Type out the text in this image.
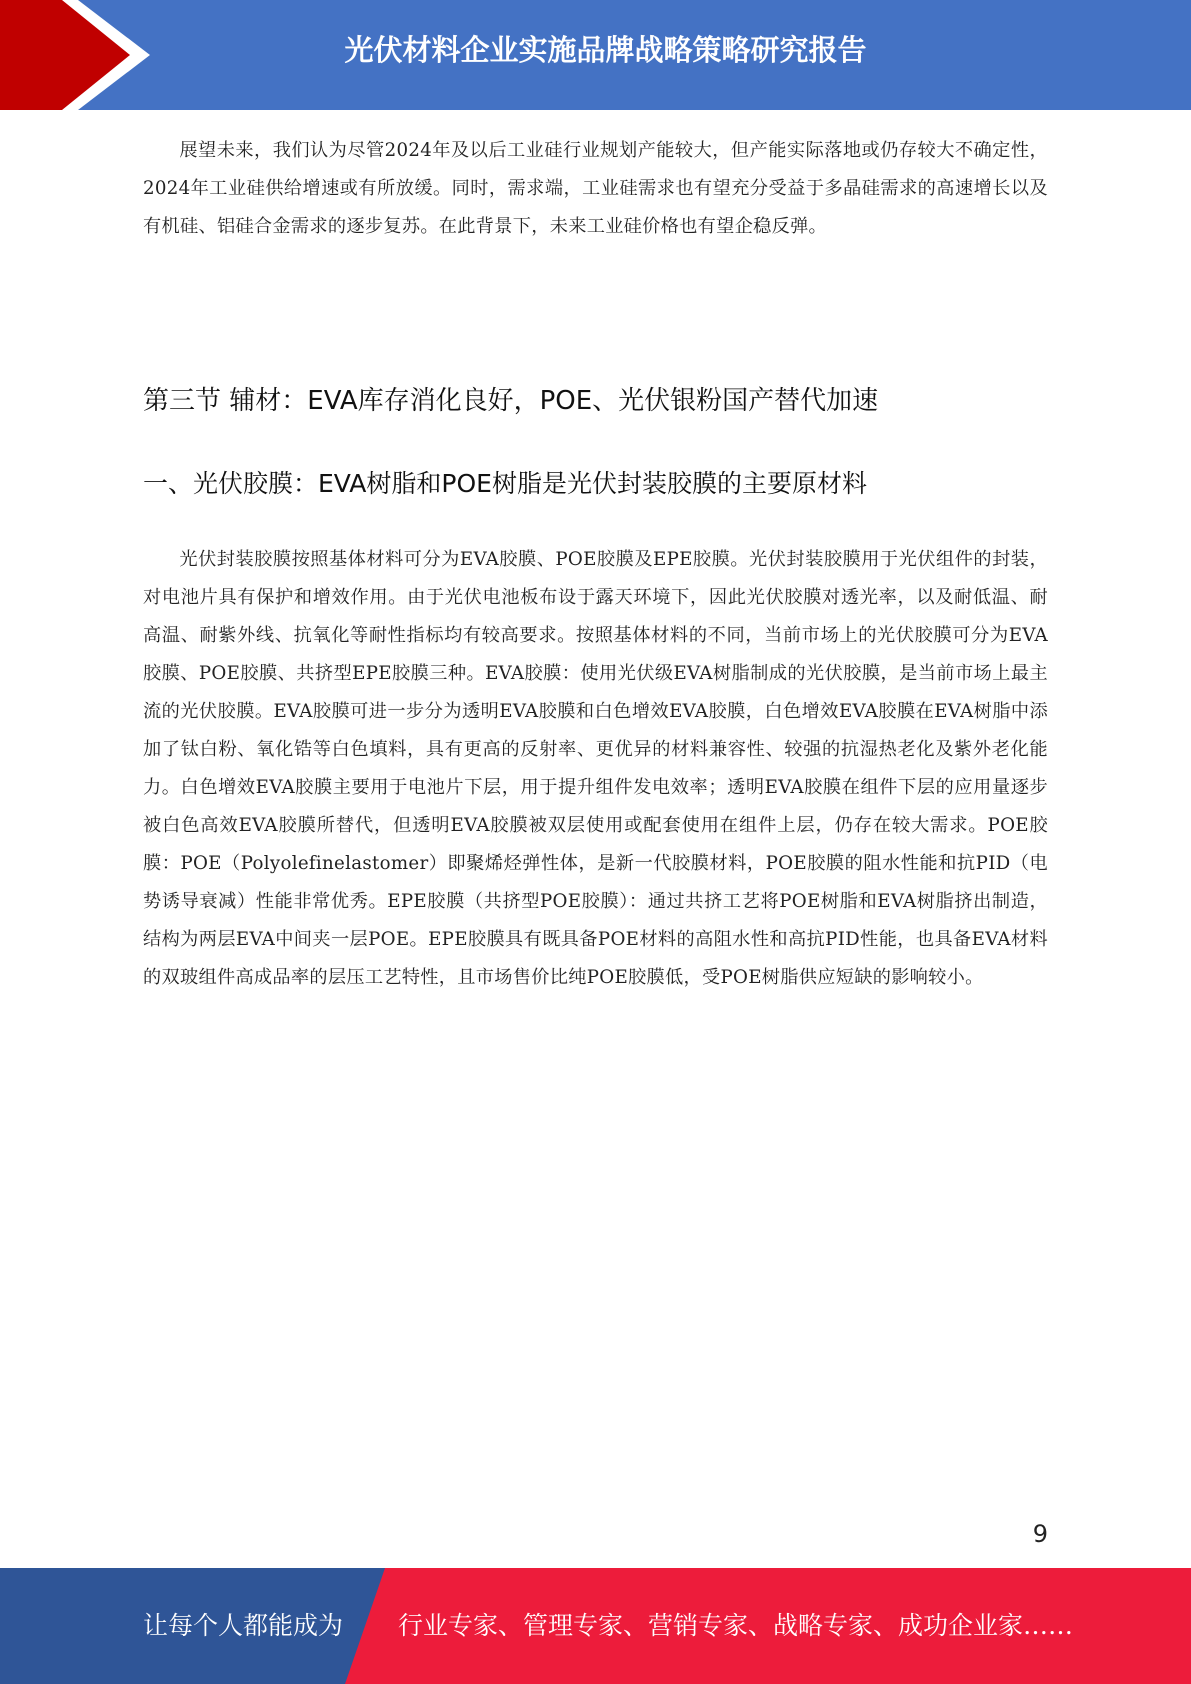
光伏材料企业实施品牌战略策略研究报告

展望未来，我们认为尽管2024年及以后工业硅行业规划产能较大，但产能实际落地或仍存较大不确定性，2024年工业硅供给增速或有所放缓。同时，需求端，工业硅需求也有望充分受益于多晶硅需求的高速增长以及有机硅、铝硅合金需求的逐步复苏。在此背景下，未来工业硅价格也有望企稳反弹。

第三节 辅材：EVA库存消化良好，POE、光伏银粉国产替代加速
一、光伏胶膜：EVA树脂和POE树脂是光伏封装胶膜的主要原材料

光伏封装胶膜按照基体材料可分为EVA胶膜、POE胶膜及EPE胶膜。光伏封装胶膜用于光伏组件的封装，对电池片具有保护和增效作用。由于光伏电池板布设于露天环境下，因此光伏胶膜对透光率，以及耐低温、耐高温、耐紫外线、抗氧化等耐性指标均有较高要求。按照基体材料的不同，当前市场上的光伏胶膜可分为EVA胶膜、POE胶膜、共挤型EPE胶膜三种。EVA胶膜：使用光伏级EVA树脂制成的光伏胶膜，是当前市场上最主流的光伏胶膜。EVA胶膜可进一步分为透明EVA胶膜和白色增效EVA胶膜，白色增效EVA胶膜在EVA树脂中添加了钛白粉、氧化锆等白色填料，具有更高的反射率、更优异的材料兼容性、较强的抗湿热老化及紫外老化能力。白色增效EVA胶膜主要用于电池片下层，用于提升组件发电效率；透明EVA胶膜在组件下层的应用量逐步被白色高效EVA胶膜所替代，但透明EVA胶膜被双层使用或配套使用在组件上层，仍存在较大需求。POE胶膜：POE（Polyolefinelastomer）即聚烯烃弹性体，是新一代胶膜材料，POE胶膜的阻水性能和抗PID（电势诱导衰减）性能非常优秀。EPE胶膜（共挤型POE胶膜）：通过共挤工艺将POE树脂和EVA树脂挤出制造，结构为两层EVA中间夹一层POE。EPE胶膜具有既具备POE材料的高阻水性和高抗PID性能，也具备EVA材料的双玻组件高成品率的层压工艺特性，且市场售价比纯POE胶膜低，受POE树脂供应短缺的影响较小。

9
让每个人都能成为 行业专家、管理专家、营销专家、战略专家、成功企业家……
